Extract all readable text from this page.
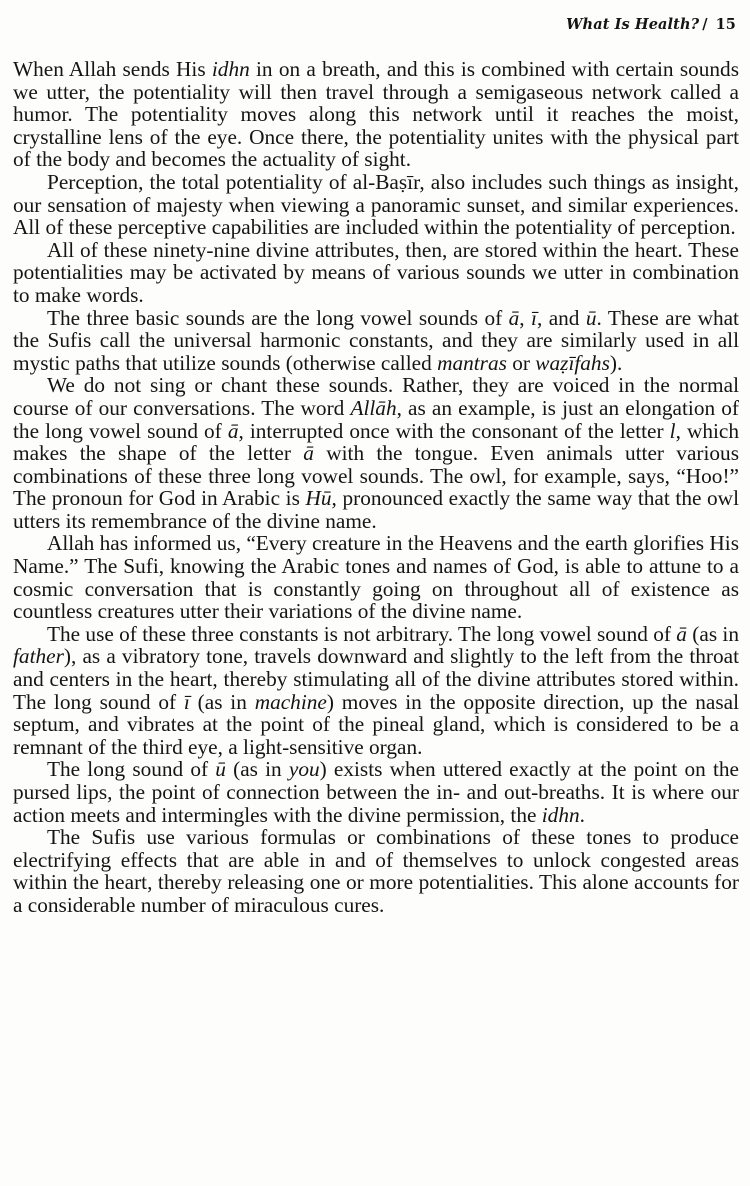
What Is Health? / 15

When Allah sends His idhn in on a breath, and this is combined with certain sounds we utter, the potentiality will then travel through a semigaseous network called a humor. The potentiality moves along this network until it reaches the moist, crystalline lens of the eye. Once there, the potentiality unites with the physical part of the body and becomes the actuality of sight.

Perception, the total potentiality of al-Baṣīr, also includes such things as insight, our sensation of majesty when viewing a panoramic sunset, and similar experiences. All of these perceptive capabilities are included within the potentiality of perception.

All of these ninety-nine divine attributes, then, are stored within the heart. These potentialities may be activated by means of various sounds we utter in combination to make words.

The three basic sounds are the long vowel sounds of ā, ī, and ū. These are what the Sufis call the universal harmonic constants, and they are similarly used in all mystic paths that utilize sounds (otherwise called mantras or waẓīfahs).

We do not sing or chant these sounds. Rather, they are voiced in the normal course of our conversations. The word Allāh, as an example, is just an elongation of the long vowel sound of ā, interrupted once with the consonant of the letter l, which makes the shape of the letter ā with the tongue. Even animals utter various combinations of these three long vowel sounds. The owl, for example, says, “Hoo!” The pronoun for God in Arabic is Hū, pronounced exactly the same way that the owl utters its remembrance of the divine name.

Allah has informed us, “Every creature in the Heavens and the earth glorifies His Name.” The Sufi, knowing the Arabic tones and names of God, is able to attune to a cosmic conversation that is constantly going on throughout all of existence as countless creatures utter their variations of the divine name.

The use of these three constants is not arbitrary. The long vowel sound of ā (as in father), as a vibratory tone, travels downward and slightly to the left from the throat and centers in the heart, thereby stimulating all of the divine attributes stored within. The long sound of ī (as in machine) moves in the opposite direction, up the nasal septum, and vibrates at the point of the pineal gland, which is considered to be a remnant of the third eye, a light-sensitive organ.

The long sound of ū (as in you) exists when uttered exactly at the point on the pursed lips, the point of connection between the in- and out-breaths. It is where our action meets and intermingles with the divine permission, the idhn.

The Sufis use various formulas or combinations of these tones to produce electrifying effects that are able in and of themselves to unlock congested areas within the heart, thereby releasing one or more potentialities. This alone accounts for a considerable number of miraculous cures.
